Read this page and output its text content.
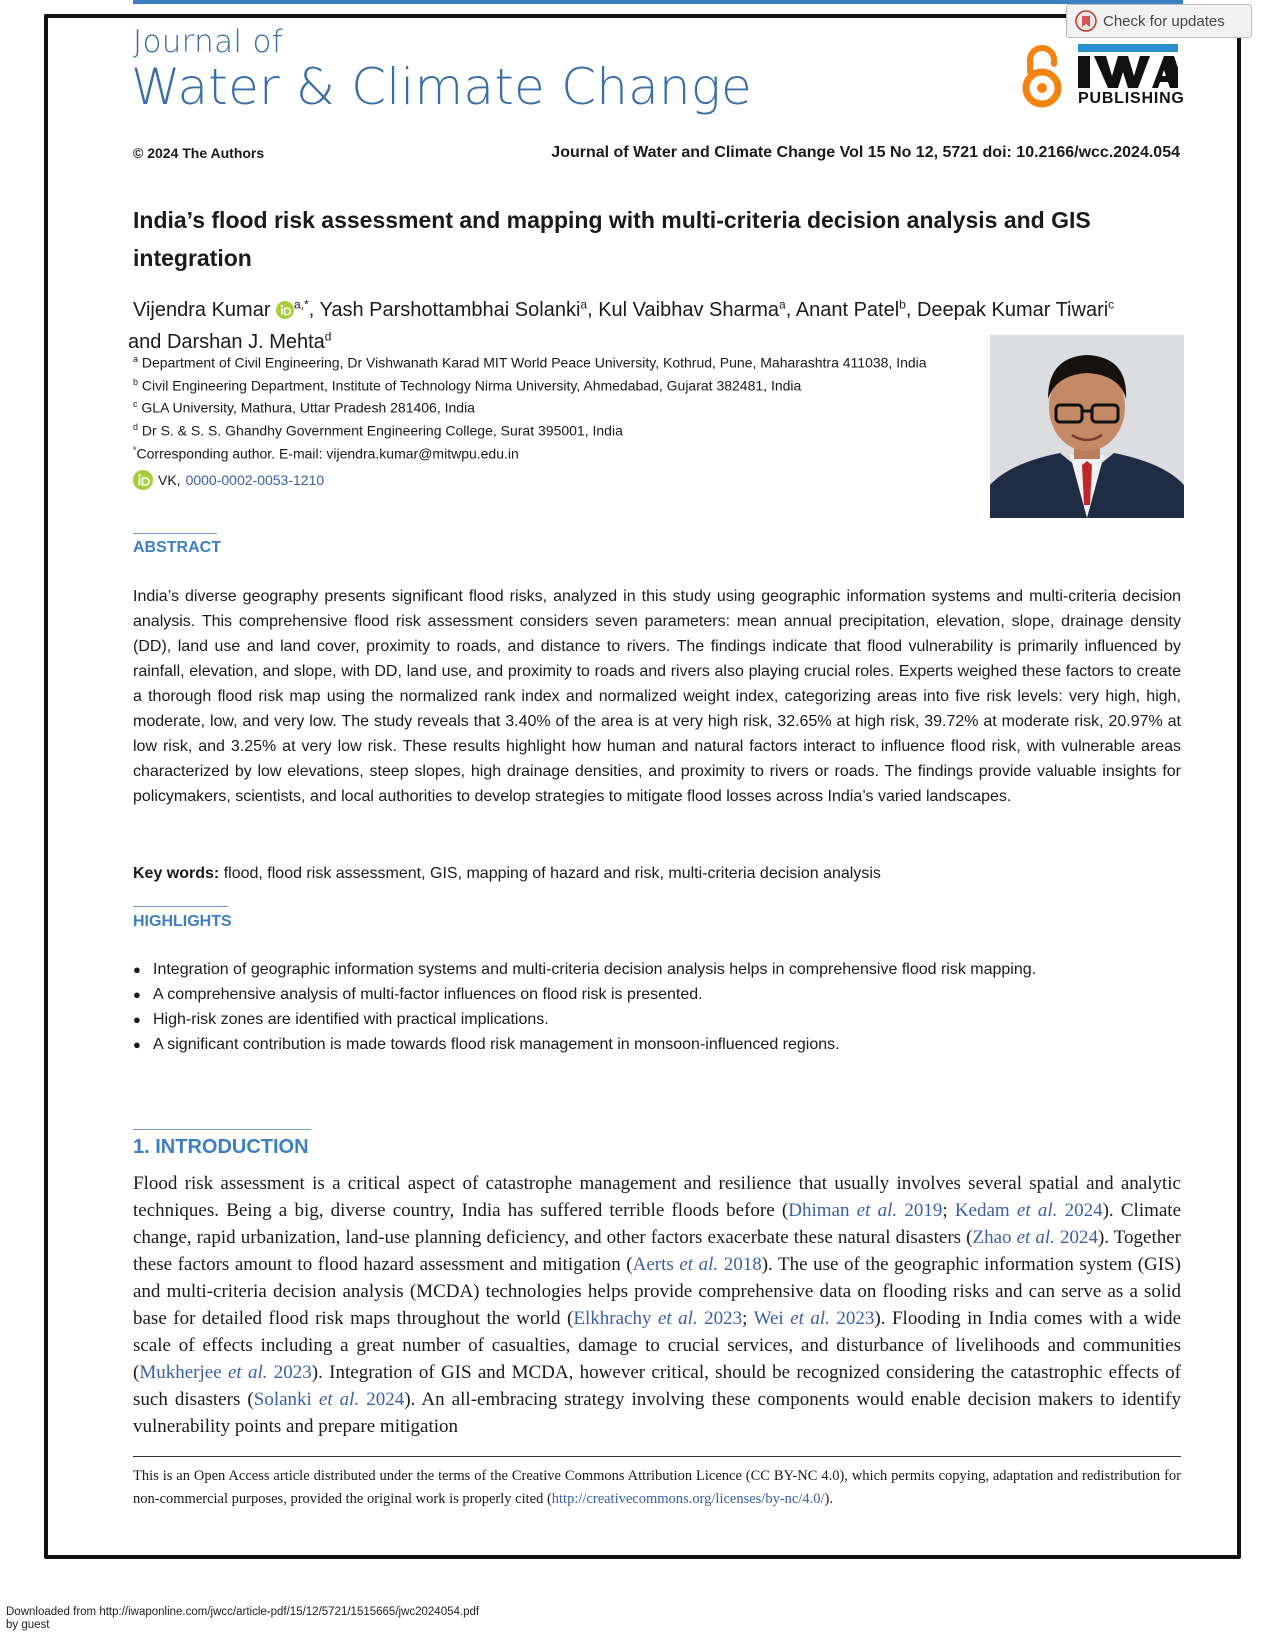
Check for updates
Journal of
Water & Climate Change	PUBLISHING
© 2024 The Authors	Journal of Water and Climate Change Vol 15 No 12, 5721 doi: 10.2166/wcc.2024.054
India’s flood risk assessment and mapping with multi-criteria decision analysis and GIS integration
Vijendra Kumar $^{a,*}$, Yash Parshottambhai Solanki$^a$, Kul Vaibhav Sharma$^a$, Anant Patel$^b$, Deepak Kumar Tiwari$^c$
and Darshan J. Mehta$^d$
$^a$ Department of Civil Engineering, Dr Vishwanath Karad MIT World Peace University, Kothrud, Pune, Maharashtra 411038, India
$^b$ Civil Engineering Department, Institute of Technology Nirma University, Ahmedabad, Gujarat 382481, India
$^c$ GLA University, Mathura, Uttar Pradesh 281406, India
$^d$ Dr S. & S. S. Ghandhy Government Engineering College, Surat 395001, India
*Corresponding author. E-mail: vijendra.kumar@mitwpu.edu.in
VK, 0000-0002-0053-1210
ABSTRACT

India’s diverse geography presents significant flood risks, analyzed in this study using geographic information systems and multi-criteria decision analysis. This comprehensive flood risk assessment considers seven parameters: mean annual precipitation, elevation, slope, drainage density (DD), land use and land cover, proximity to roads, and distance to rivers. The findings indicate that flood vulnerability is primarily influenced by rainfall, elevation, and slope, with DD, land use, and proximity to roads and rivers also playing crucial roles. Experts weighed these factors to create a thorough flood risk map using the normalized rank index and normalized weight index, categorizing areas into five risk levels: very high, high, moderate, low, and very low. The study reveals that 3.40% of the area is at very high risk, 32.65% at high risk, 39.72% at moderate risk, 20.97% at low risk, and 3.25% at very low risk. These results highlight how human and natural factors interact to influence flood risk, with vulnerable areas characterized by low elevations, steep slopes, high drainage densities, and proximity to rivers or roads. The findings provide valuable insights for policymakers, scientists, and local authorities to develop strategies to mitigate flood losses across India’s varied landscapes.

Key words: flood, flood risk assessment, GIS, mapping of hazard and risk, multi-criteria decision analysis
HIGHLIGHTS
● Integration of geographic information systems and multi-criteria decision analysis helps in comprehensive flood risk mapping.
● A comprehensive analysis of multi-factor influences on flood risk is presented.
● High-risk zones are identified with practical implications.
● A significant contribution is made towards flood risk management in monsoon-influenced regions.
1. INTRODUCTION

Flood risk assessment is a critical aspect of catastrophe management and resilience that usually involves several spatial and analytic techniques. Being a big, diverse country, India has suffered terrible floods before (Dhiman et al. 2019; Kedam et al. 2024). Climate change, rapid urbanization, land-use planning deficiency, and other factors exacerbate these natural disasters (Zhao et al. 2024). Together these factors amount to flood hazard assessment and mitigation (Aerts et al. 2018). The use of the geographic information system (GIS) and multi-criteria decision analysis (MCDA) technologies helps provide comprehensive data on flooding risks and can serve as a solid base for detailed flood risk maps throughout the world (Elkhrachy et al. 2023; Wei et al. 2023). Flooding in India comes with a wide scale of effects including a great number of casualties, damage to crucial services, and disturbance of livelihoods and communities (Mukherjee et al. 2023). Integration of GIS and MCDA, however critical, should be recognized considering the catastrophic effects of such disasters (Solanki et al. 2024). An all-embracing strategy involving these components would enable decision makers to identify vulnerability points and prepare mitigation

This is an Open Access article distributed under the terms of the Creative Commons Attribution Licence (CC BY-NC 4.0), which permits copying, adaptation and redistribution for non-commercial purposes, provided the original work is properly cited (http://creativecommons.org/licenses/by-nc/4.0/).

Downloaded from http://iwaponline.com/jwcc/article-pdf/15/12/5721/1515665/jwc2024054.pdf
by guest
